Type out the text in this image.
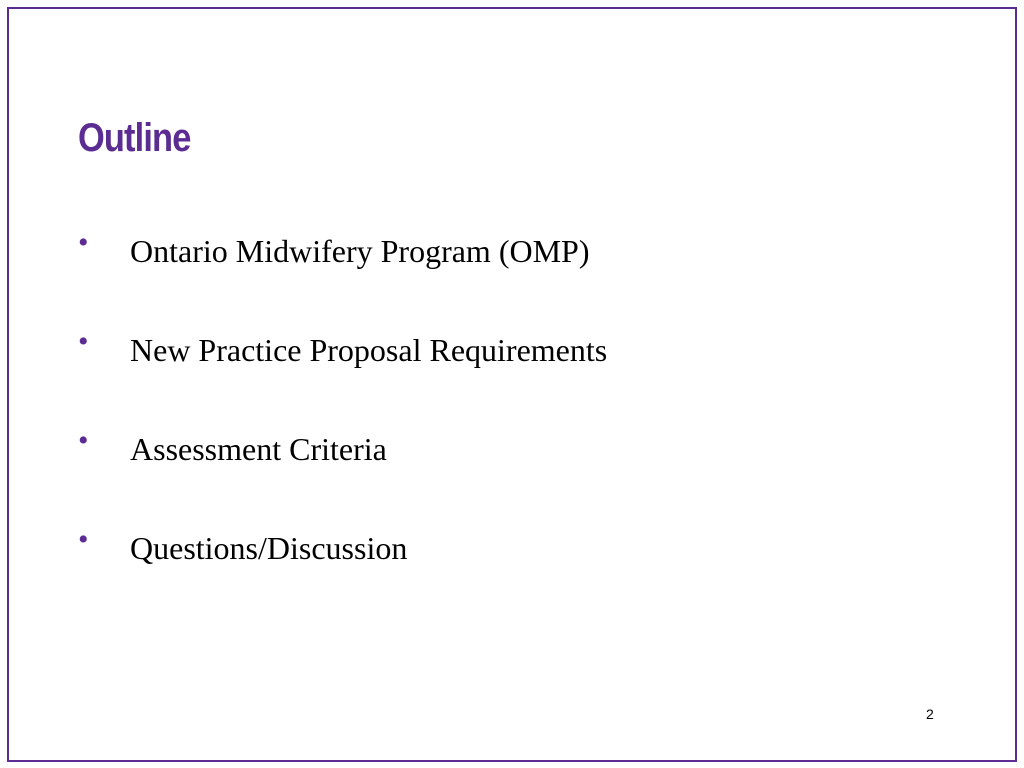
Outline
• Ontario Midwifery Program (OMP)
• New Practice Proposal Requirements
• Assessment Criteria
• Questions/Discussion
2
